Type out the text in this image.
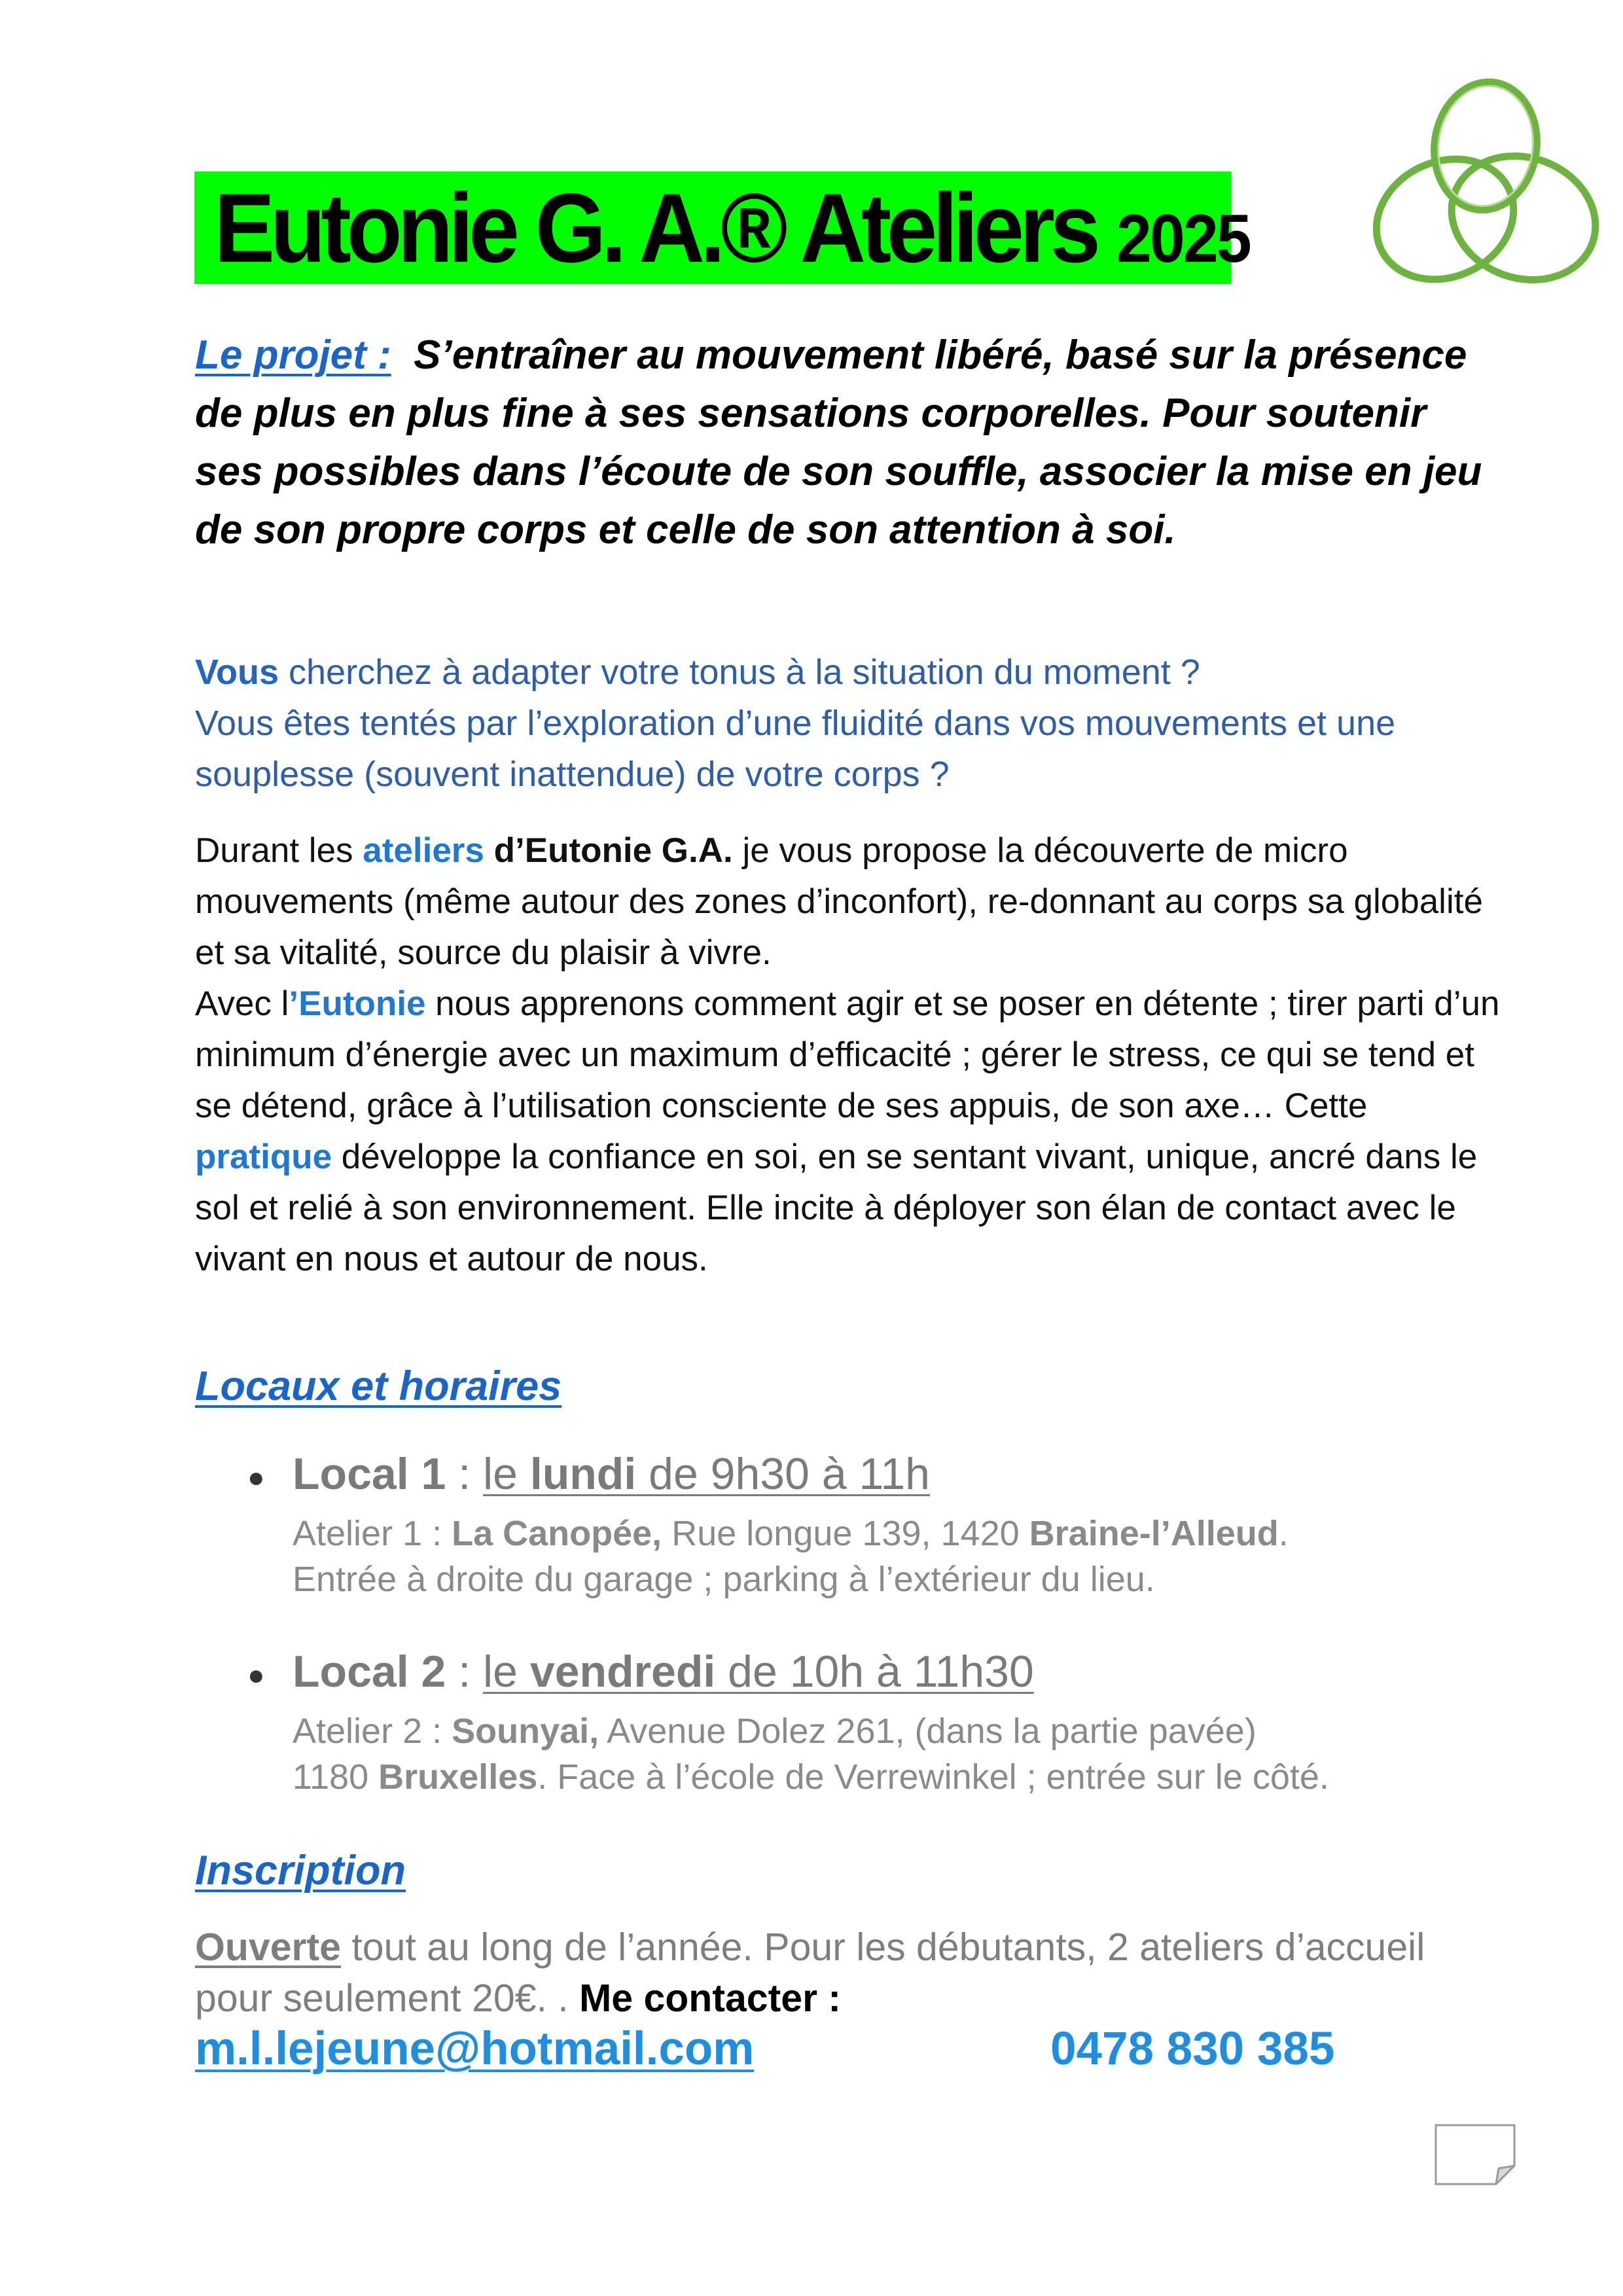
Eutonie G. A.® Ateliers 2025
Le projet : S’entraîner au mouvement libéré, basé sur la présence de plus en plus fine à ses sensations corporelles. Pour soutenir ses possibles dans l’écoute de son souffle, associer la mise en jeu de son propre corps et celle de son attention à soi.
Vous cherchez à adapter votre tonus à la situation du moment ?
Vous êtes tentés par l’exploration d’une fluidité dans vos mouvements et une souplesse (souvent inattendue) de votre corps ?
Durant les ateliers d’Eutonie G.A. je vous propose la découverte de micro mouvements (même autour des zones d’inconfort), re-donnant au corps sa globalité et sa vitalité, source du plaisir à vivre.
Avec l’Eutonie nous apprenons comment agir et se poser en détente ; tirer parti d’un minimum d’énergie avec un maximum d’efficacité ; gérer le stress, ce qui se tend et se détend, grâce à l’utilisation consciente de ses appuis, de son axe… Cette pratique développe la confiance en soi, en se sentant vivant, unique, ancré dans le sol et relié à son environnement. Elle incite à déployer son élan de contact avec le vivant en nous et autour de nous.
Locaux et horaires
● Local 1 : le lundi de 9h30 à 11h
Atelier 1 : La Canopée, Rue longue 139, 1420 Braine-l’Alleud.
Entrée à droite du garage ; parking à l’extérieur du lieu.
● Local 2 : le vendredi de 10h à 11h30
Atelier 2 : Sounyai, Avenue Dolez 261, (dans la partie pavée)
1180 Bruxelles. Face à l’école de Verrewinkel ; entrée sur le côté.
Inscription
Ouverte tout au long de l’année. Pour les débutants, 2 ateliers d’accueil pour seulement 20€. . Me contacter :
m.l.lejeune@hotmail.com	0478 830 385
